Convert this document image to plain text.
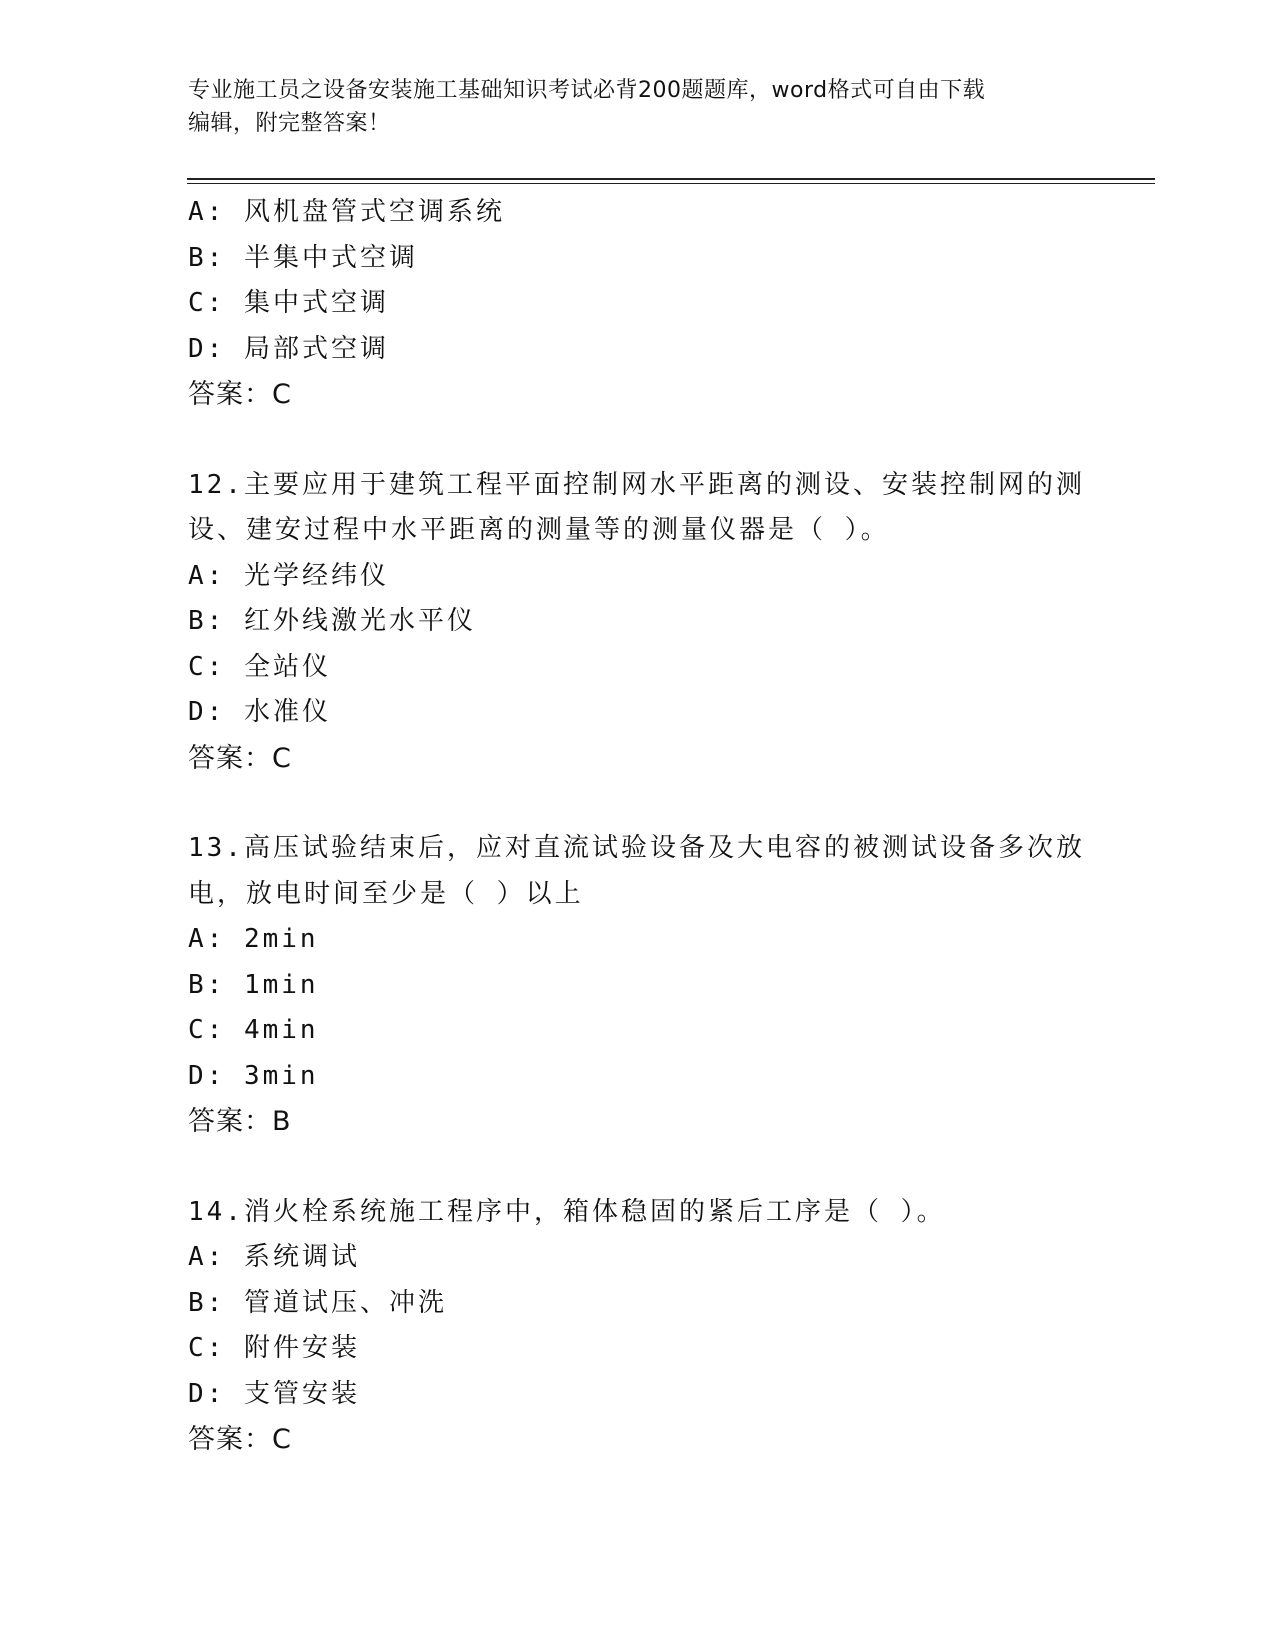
专业施工员之设备安装施工基础知识考试必背200题题库，word格式可自由下载
编辑，附完整答案！
A: 风机盘管式空调系统
B: 半集中式空调
C: 集中式空调
D: 局部式空调
答案：C
12.主要应用于建筑工程平面控制网水平距离的测设、安装控制网的测
设、建安过程中水平距离的测量等的测量仪器是（ ）。
A: 光学经纬仪
B: 红外线激光水平仪
C: 全站仪
D: 水准仪
答案：C
13.高压试验结束后，应对直流试验设备及大电容的被测试设备多次放
电，放电时间至少是（ ）以上
A: 2min
B: 1min
C: 4min
D: 3min
答案：B
14.消火栓系统施工程序中，箱体稳固的紧后工序是（ ）。
A: 系统调试
B: 管道试压、冲洗
C: 附件安装
D: 支管安装
答案：C
